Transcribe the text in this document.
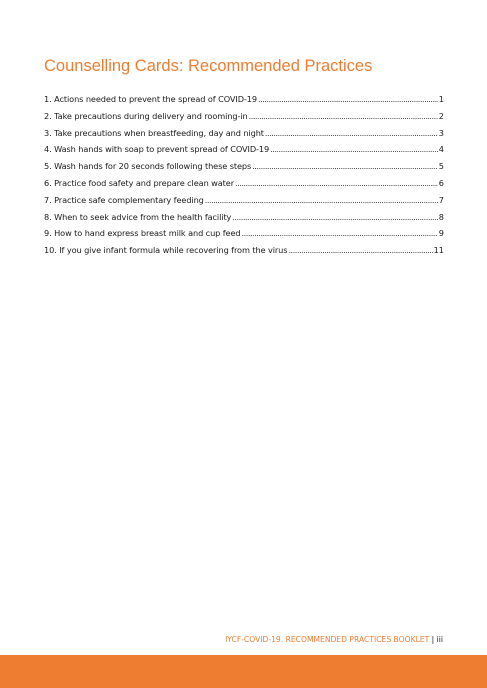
Counselling Cards: Recommended Practices
1. Actions needed to prevent the spread of COVID-19 .....	1
2. Take precautions during delivery and rooming-in .....	2
3. Take precautions when breastfeeding, day and night .....	3
4. Wash hands with soap to prevent spread of COVID-19 .....	4
5. Wash hands for 20 seconds following these steps .....	5
6. Practice food safety and prepare clean water .....	6
7. Practice safe complementary feeding .....	7
8. When to seek advice from the health facility .....	8
9. How to hand express breast milk and cup feed .....	9
10. If you give infant formula while recovering from the virus .....	11
IYCF-COVID-19. RECOMMENDED PRACTICES BOOKLET | iii
